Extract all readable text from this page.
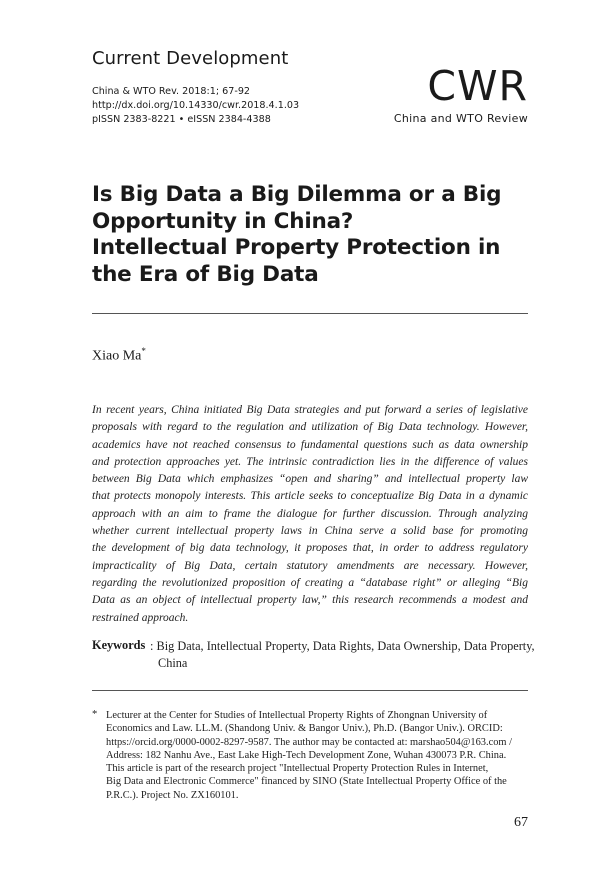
Current Development
China & WTO Rev. 2018:1; 67-92
http://dx.doi.org/10.14330/cwr.2018.4.1.03
pISSN 2383-8221 • eISSN 2384-4388
CWR
China and WTO Review
Is Big Data a Big Dilemma or a Big
Opportunity in China?
Intellectual Property Protection in
the Era of Big Data
Xiao Ma*
In recent years, China initiated Big Data strategies and put forward a series of legislative
proposals with regard to the regulation and utilization of Big Data technology. However,
academics have not reached consensus to fundamental questions such as data ownership
and protection approaches yet. The intrinsic contradiction lies in the difference of values
between Big Data which emphasizes “open and sharing” and intellectual property law
that protects monopoly interests. This article seeks to conceptualize Big Data in a dynamic
approach with an aim to frame the dialogue for further discussion. Through analyzing
whether current intellectual property laws in China serve a solid base for promoting
the development of big data technology, it proposes that, in order to address regulatory
impracticality of Big Data, certain statutory amendments are necessary. However,
regarding the revolutionized proposition of creating a “database right” or alleging “Big
Data as an object of intellectual property law,” this research recommends a modest and
restrained approach.
Keywords : Big Data, Intellectual Property, Data Rights, Data Ownership, Data Property,
China
* Lecturer at the Center for Studies of Intellectual Property Rights of Zhongnan University of
Economics and Law. LL.M. (Shandong Univ. & Bangor Univ.), Ph.D. (Bangor Univ.). ORCID:
https://orcid.org/0000-0002-8297-9587. The author may be contacted at: marshao504@163.com /
Address: 182 Nanhu Ave., East Lake High-Tech Development Zone, Wuhan 430073 P.R. China.
This article is part of the research project "Intellectual Property Protection Rules in Internet,
Big Data and Electronic Commerce" financed by SINO (State Intellectual Property Office of the
P.R.C.). Project No. ZX160101.
67
